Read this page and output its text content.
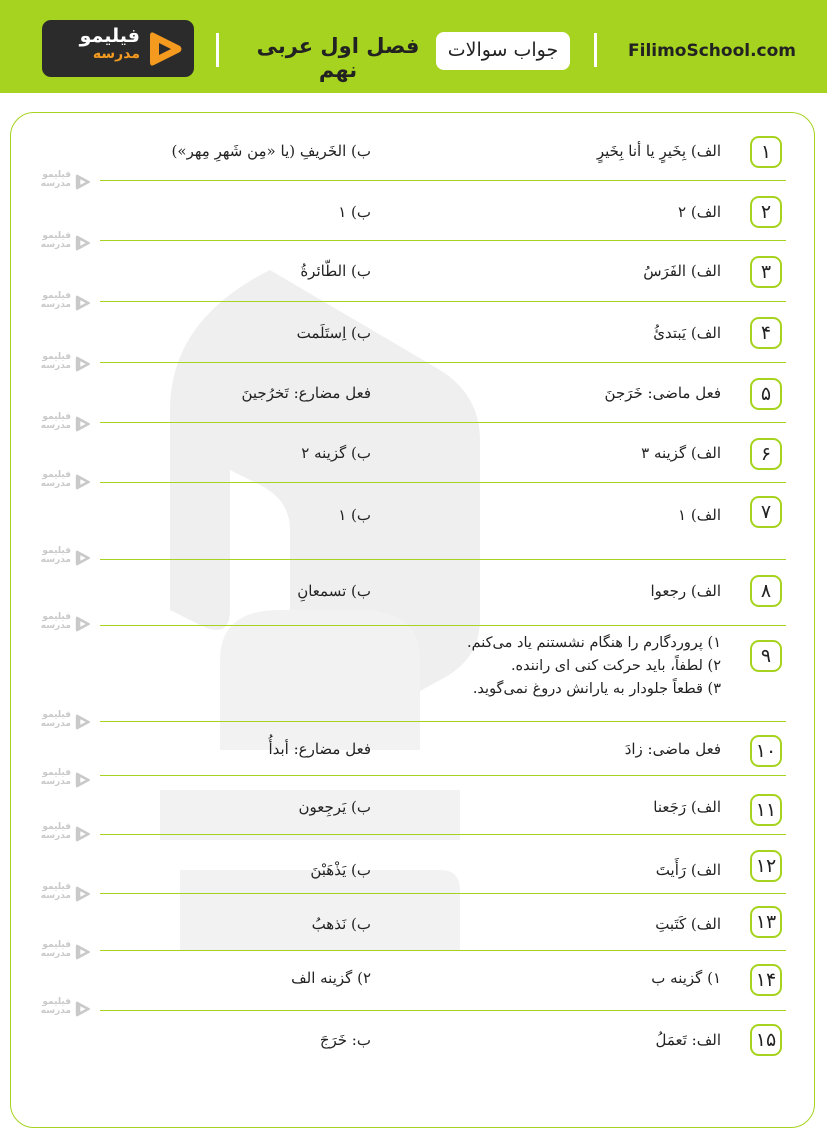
فیلیمو
مدرسه	فصل اول عربی نهم
جواب سوالات	FilimoSchool.com
فیلیمو
مدرسه
فیلیمو
مدرسه
فیلیمو
مدرسه
فیلیمو
مدرسه
فیلیمو
مدرسه
فیلیمو
مدرسه
فیلیمو
مدرسه
فیلیمو
مدرسه
فیلیمو
مدرسه
فیلیمو
مدرسه
فیلیمو
مدرسه
فیلیمو
مدرسه
فیلیمو
مدرسه
فیلیمو
مدرسه
۱
الف) بِخَیرٍ یا أنا بِخَیرٍ
ب) الخَریفِ (یا «مِن شَهرِ مِهر»)
۲
الف) ۲
ب) ۱
۳
الف) الفَرَسُ
ب) الطّائرةُ
۴
الف) یَبتدئُ
ب) اِستَلَمت
۵
فعل ماضی: خَرَجنَ
فعل مضارع: تَخرُجینَ
۶
الف) گزینه ۳
ب) گزینه ۲
۷
الف) ۱
ب) ۱
۸
الف) رجعوا
ب) تسمعانِ
۹
۱) پروردگارم را هنگام نشستنم یاد می‌کنم.
۲) لطفاً، باید حرکت کنی ای راننده.
۳) قطعاً جلودار به یارانش دروغ نمی‌گوید.
۱۰
فعل ماضی: زادَ
فعل مضارع: أبدأُ
۱۱
الف) رَجَعنا
ب) یَرجِعون
۱۲
الف) رَأَیتَ
ب) یَذْهَبْنَ
۱۳
الف) کَتَبتِ
ب) نَذهبُ
۱۴
۱) گزینه ب
۲) گزینه الف
۱۵
الف: تَعمَلُ
ب: خَرَجَ
